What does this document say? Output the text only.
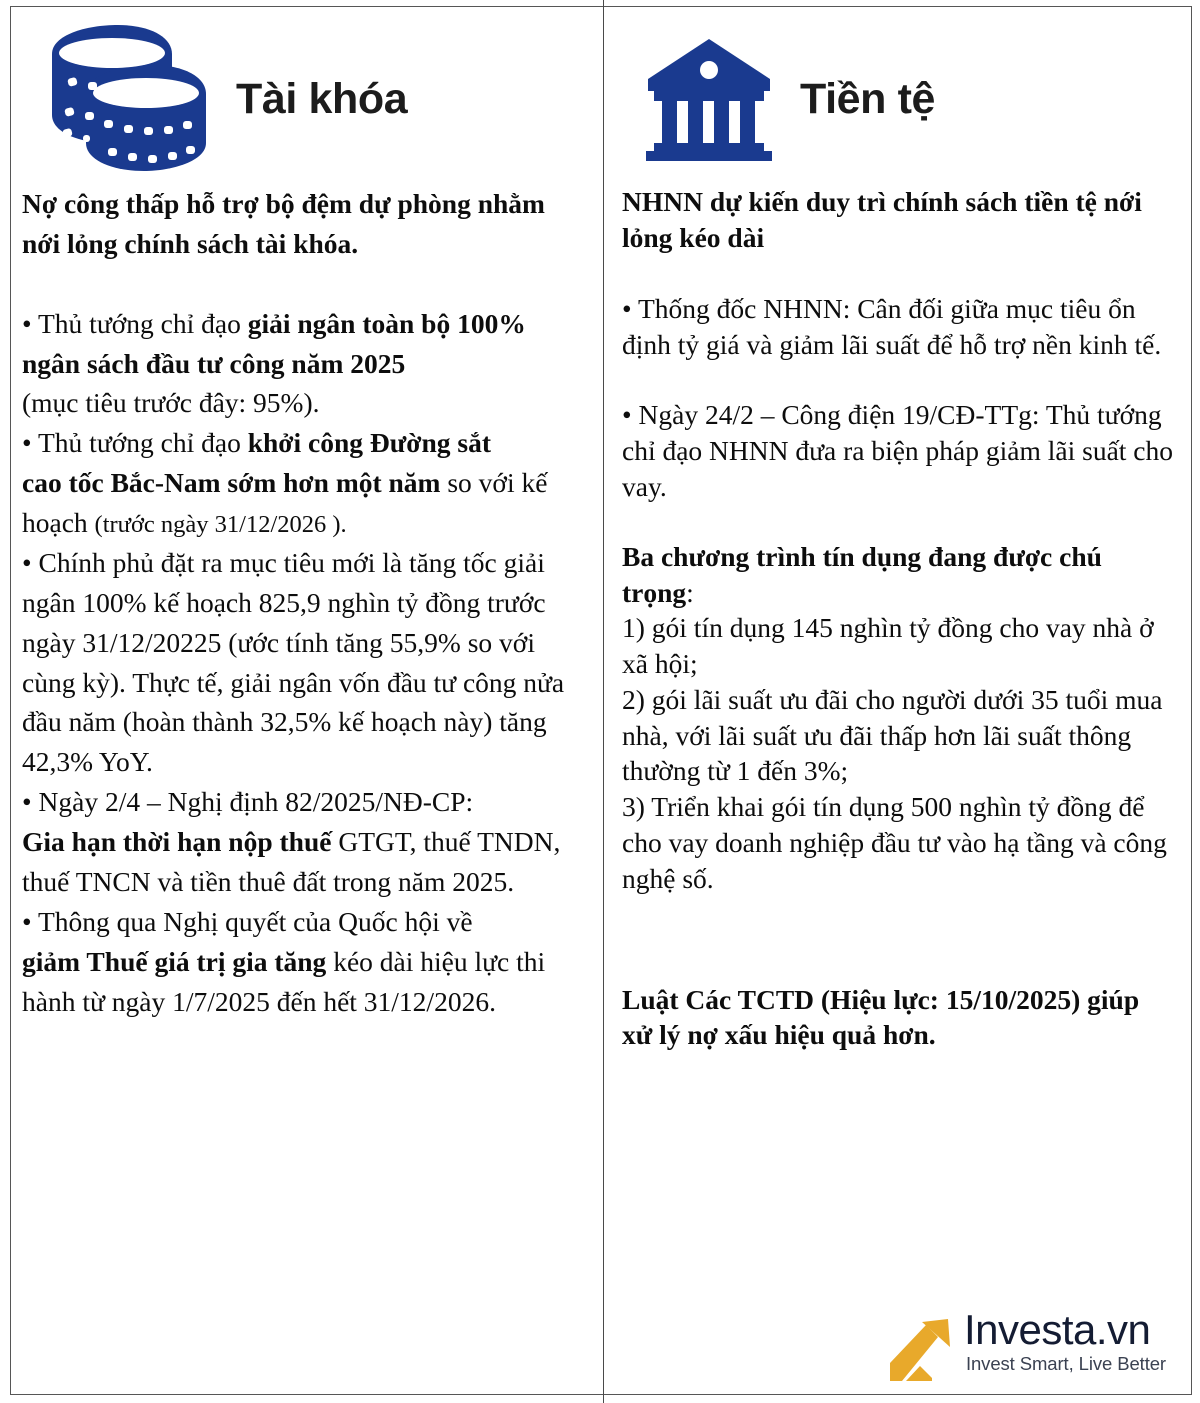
Tài khóa

Nợ công thấp hỗ trợ bộ đệm dự phòng nhằm nới lỏng chính sách tài khóa.

• Thủ tướng chỉ đạo giải ngân toàn bộ 100% ngân sách đầu tư công năm 2025
(mục tiêu trước đây: 95%).

• Thủ tướng chỉ đạo khởi công Đường sắt
cao tốc Bắc-Nam sớm hơn một năm so với kế hoạch (trước ngày 31/12/2026 ).

• Chính phủ đặt ra mục tiêu mới là tăng tốc giải ngân 100% kế hoạch 825,9 nghìn tỷ đồng trước ngày 31/12/20225 (ước tính tăng 55,9% so với cùng kỳ). Thực tế, giải ngân vốn đầu tư công nửa đầu năm (hoàn thành 32,5% kế hoạch này) tăng 42,3% YoY.

• Ngày 2/4 – Nghị định 82/2025/NĐ-CP:
Gia hạn thời hạn nộp thuế GTGT, thuế TNDN, thuế TNCN và tiền thuê đất trong năm 2025.

• Thông qua Nghị quyết của Quốc hội về
giảm Thuế giá trị gia tăng kéo dài hiệu lực thi hành từ ngày 1/7/2025 đến hết 31/12/2026.

Tiền tệ

NHNN dự kiến duy trì chính sách tiền tệ nới lỏng kéo dài

• Thống đốc NHNN: Cân đối giữa mục tiêu ổn định tỷ giá và giảm lãi suất để hỗ trợ nền kinh tế.

• Ngày 24/2 – Công điện 19/CĐ-TTg: Thủ tướng chỉ đạo NHNN đưa ra biện pháp giảm lãi suất cho vay.

Ba chương trình tín dụng đang được chú trọng:

1) gói tín dụng 145 nghìn tỷ đồng cho vay nhà ở xã hội;
2) gói lãi suất ưu đãi cho người dưới 35 tuổi mua nhà, với lãi suất ưu đãi thấp hơn lãi suất thông thường từ 1 đến 3%;
3) Triển khai gói tín dụng 500 nghìn tỷ đồng để cho vay doanh nghiệp đầu tư vào hạ tầng và công nghệ số.

Luật Các TCTD (Hiệu lực: 15/10/2025) giúp xử lý nợ xấu hiệu quả hơn.

Investa.vn
Invest Smart, Live Better
